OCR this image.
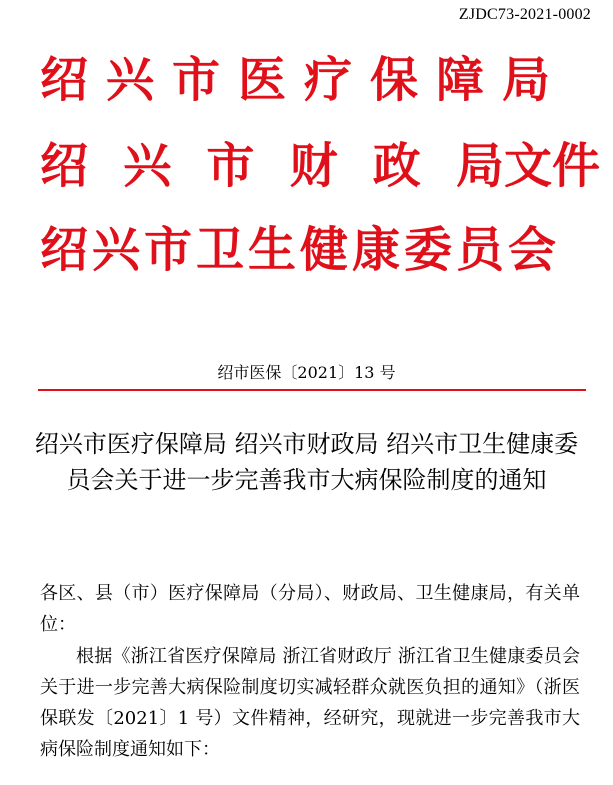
ZJDC73-2021-0002
绍兴市医疗保障局
绍 兴 市 财 政 局文件
绍兴市卫生健康委员会
绍市医保〔2021〕13 号
绍兴市医疗保障局 绍兴市财政局 绍兴市卫生健康委员会关于进一步完善我市大病保险制度的通知
各区、县（市）医疗保障局（分局）、财政局、卫生健康局，有关单位：
根据《浙江省医疗保障局 浙江省财政厅 浙江省卫生健康委员会关于进一步完善大病保险制度切实减轻群众就医负担的通知》（浙医保联发〔2021〕1 号）文件精神，经研究，现就进一步完善我市大病保险制度通知如下：
